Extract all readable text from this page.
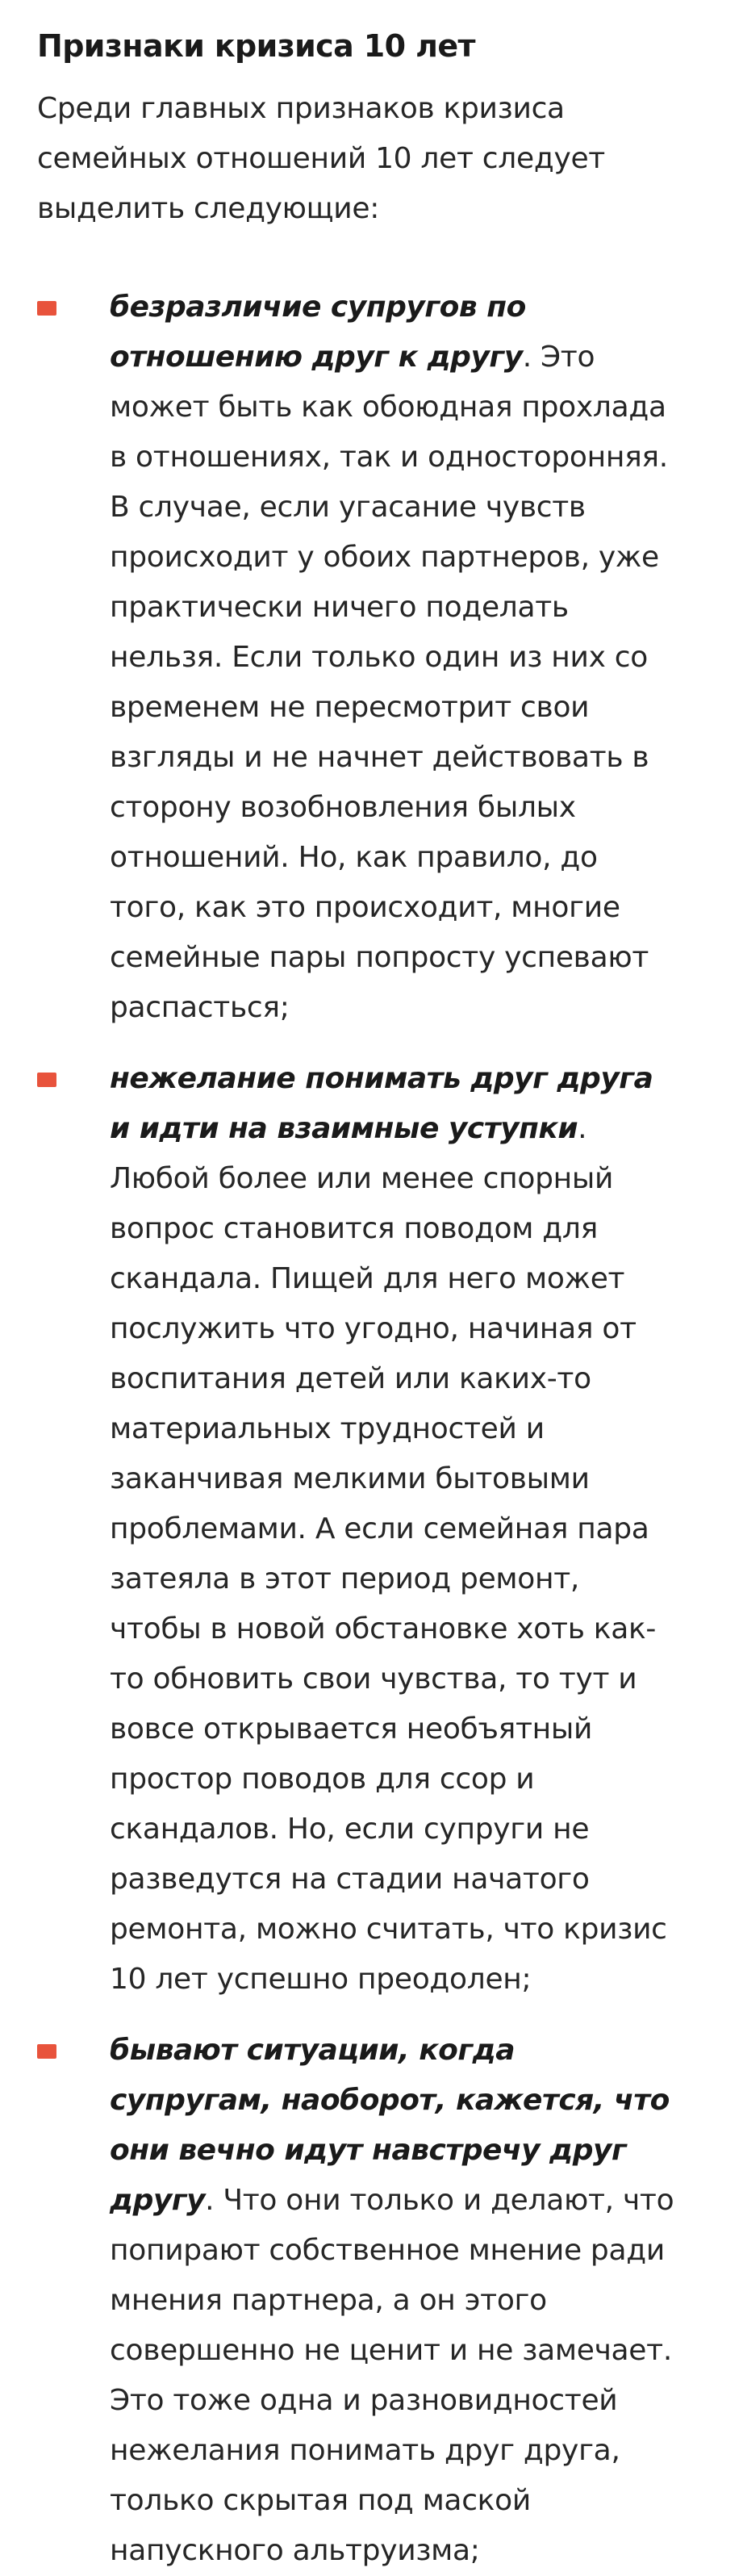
Признаки кризиса 10 лет

Среди главных признаков кризиса семейных отношений 10 лет следует выделить следующие:

безразличие супругов по отношению друг к другу. Это может быть как обоюдная прохлада в отношениях, так и односторонняя. В случае, если угасание чувств происходит у обоих партнеров, уже практически ничего поделать нельзя. Если только один из них со временем не пересмотрит свои взгляды и не начнет действовать в сторону возобновления былых отношений. Но, как правило, до того, как это происходит, многие семейные пары попросту успевают распасться;
нежелание понимать друг друга и идти на взаимные уступки. Любой более или менее спорный вопрос становится поводом для скандала. Пищей для него может послужить что угодно, начиная от воспитания детей или каких-то материальных трудностей и заканчивая мелкими бытовыми проблемами. А если семейная пара затеяла в этот период ремонт, чтобы в новой обстановке хоть как-то обновить свои чувства, то тут и вовсе открывается необъятный простор поводов для ссор и скандалов. Но, если супруги не разведутся на стадии начатого ремонта, можно считать, что кризис 10 лет успешно преодолен;
бывают ситуации, когда супругам, наоборот, кажется, что они вечно идут навстречу друг другу. Что они только и делают, что попирают собственное мнение ради мнения партнера, а он этого совершенно не ценит и не замечает. Это тоже одна и разновидностей нежелания понимать друг друга, только скрытая под маской напускного альтруизма;
